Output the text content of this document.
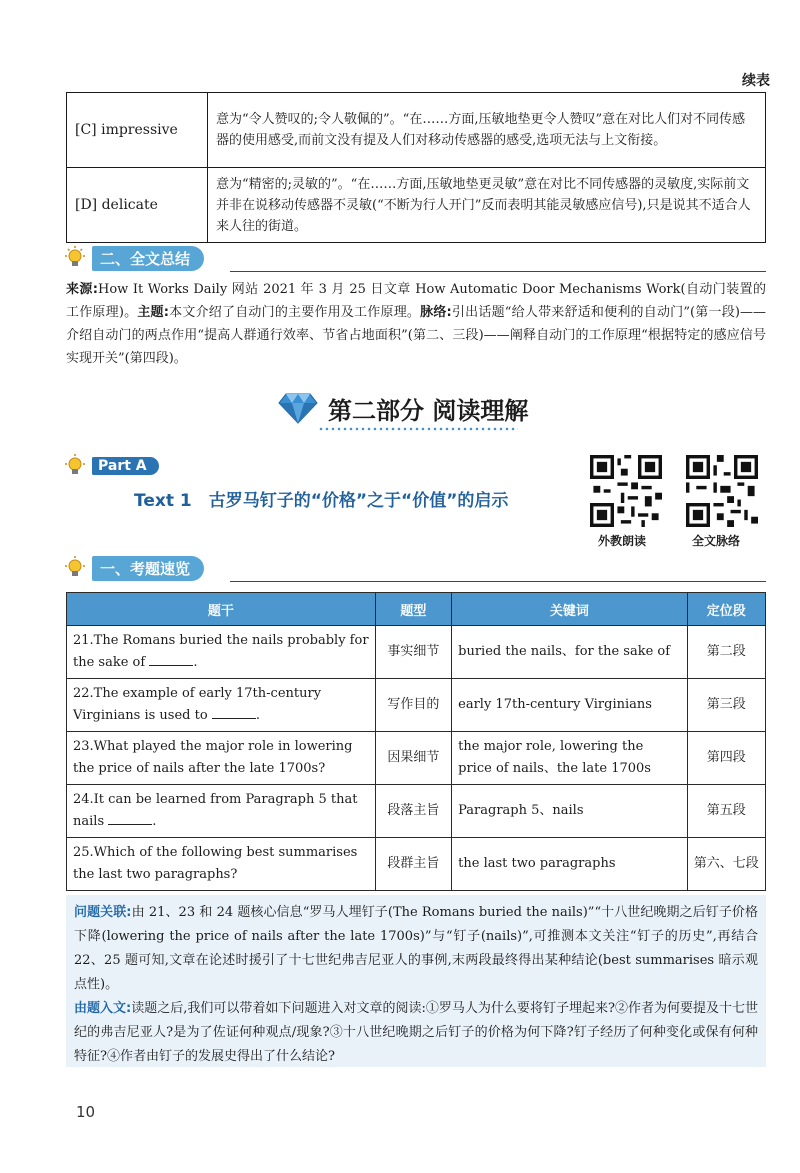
续表
[C] impressive	意为“令人赞叹的;令人敬佩的”。“在……方面,压敏地垫更令人赞叹”意在对比人们对不同传感器的使用感受,而前文没有提及人们对移动传感器的感受,选项无法与上文衔接。
[D] delicate	意为“精密的;灵敏的”。“在……方面,压敏地垫更灵敏”意在对比不同传感器的灵敏度,实际前文并非在说移动传感器不灵敏(“不断为行人开门”反而表明其能灵敏感应信号),只是说其不适合人来人往的街道。
二、全文总结
来源:How It Works Daily 网站 2021 年 3 月 25 日文章 How Automatic Door Mechanisms Work(自动门装置的工作原理)。主题:本文介绍了自动门的主要作用及工作原理。脉络:引出话题“给人带来舒适和便利的自动门”(第一段)——介绍自动门的两点作用“提高人群通行效率、节省占地面积”(第二、三段)——阐释自动门的工作原理“根据特定的感应信号实现开关”(第四段)。
第二部分 阅读理解
Part A
Text 1　古罗马钉子的“价格”之于“价值”的启示
外教朗读	全文脉络
一、考题速览
题干	题型	关键词	定位段
21.The Romans buried the nails probably for the sake of .	事实细节	buried the nails、for the sake of	第二段
22.The example of early 17th-century Virginians is used to .	写作目的	early 17th-century Virginians	第三段
23.What played the major role in lowering the price of nails after the late 1700s?	因果细节	the major role, lowering the price of nails、the late 1700s	第四段
24.It can be learned from Paragraph 5 that nails .	段落主旨	Paragraph 5、nails	第五段
25.Which of the following best summarises the last two paragraphs?	段群主旨	the last two paragraphs	第六、七段
问题关联:由 21、23 和 24 题核心信息“罗马人埋钉子(The Romans buried the nails)”“十八世纪晚期之后钉子价格下降(lowering the price of nails after the late 1700s)”与“钉子(nails)”,可推测本文关注“钉子的历史”,再结合 22、25 题可知,文章在论述时援引了十七世纪弗吉尼亚人的事例,末两段最终得出某种结论(best summarises 暗示观点性)。
由题入文:读题之后,我们可以带着如下问题进入对文章的阅读:①罗马人为什么要将钉子埋起来?②作者为何要提及十七世纪的弗吉尼亚人?是为了佐证何种观点/现象?③十八世纪晚期之后钉子的价格为何下降?钉子经历了何种变化或保有何种特征?④作者由钉子的发展史得出了什么结论?
10
